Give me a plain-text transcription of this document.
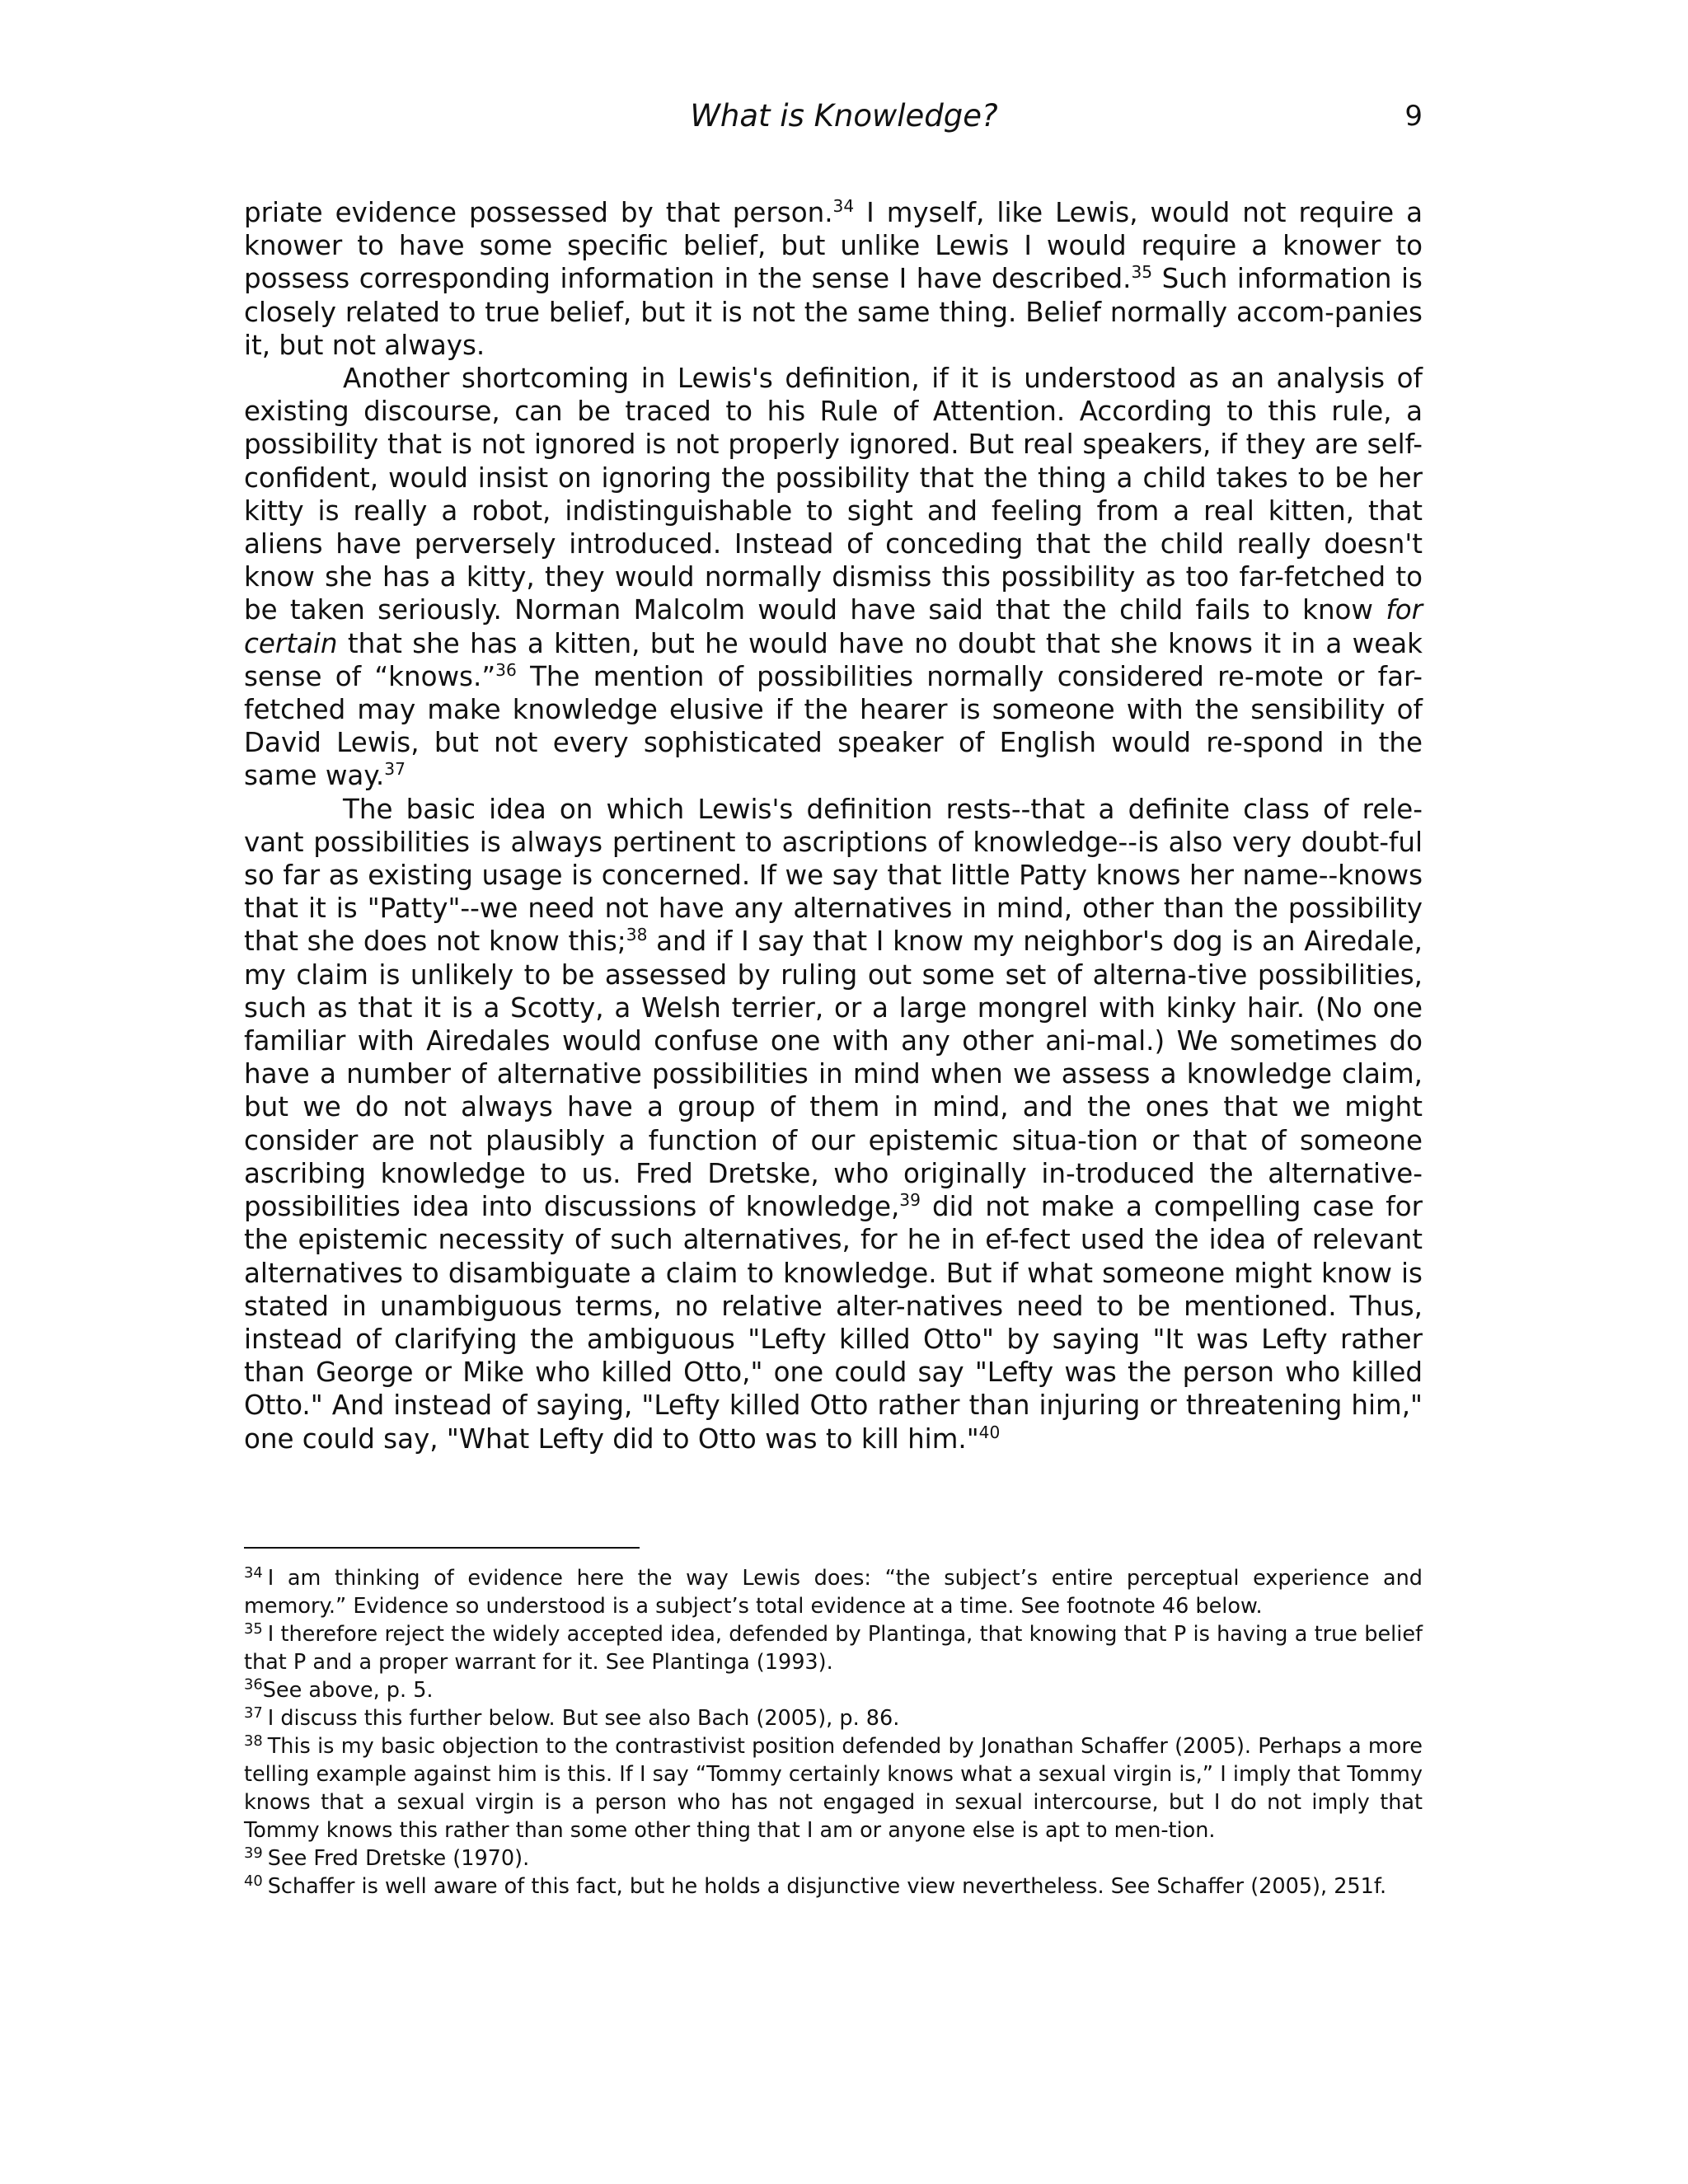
What is Knowledge?	9

priate evidence possessed by that person.$^{34}$ I myself, like Lewis, would not require a knower to have some specific belief, but unlike Lewis I would require a knower to possess corresponding information in the sense I have described.$^{35}$ Such information is closely related to true belief, but it is not the same thing. Belief normally accom-panies it, but not always.

Another shortcoming in Lewis's definition, if it is understood as an analysis of existing discourse, can be traced to his Rule of Attention. According to this rule, a possibility that is not ignored is not properly ignored. But real speakers, if they are self-confident, would insist on ignoring the possibility that the thing a child takes to be her kitty is really a robot, indistinguishable to sight and feeling from a real kitten, that aliens have perversely introduced. Instead of conceding that the child really doesn't know she has a kitty, they would normally dismiss this possibility as too far-fetched to be taken seriously. Norman Malcolm would have said that the child fails to know for certain that she has a kitten, but he would have no doubt that she knows it in a weak sense of “knows.”$^{36}$ The mention of possibilities normally considered re-mote or far-fetched may make knowledge elusive if the hearer is someone with the sensibility of David Lewis, but not every sophisticated speaker of English would re-spond in the same way.$^{37}$

The basic idea on which Lewis's definition rests--that a definite class of rele-vant possibilities is always pertinent to ascriptions of knowledge--is also very doubt-ful so far as existing usage is concerned. If we say that little Patty knows her name--knows that it is "Patty"--we need not have any alternatives in mind, other than the possibility that she does not know this;$^{38}$ and if I say that I know my neighbor's dog is an Airedale, my claim is unlikely to be assessed by ruling out some set of alterna-tive possibilities, such as that it is a Scotty, a Welsh terrier, or a large mongrel with kinky hair. (No one familiar with Airedales would confuse one with any other ani-mal.) We sometimes do have a number of alternative possibilities in mind when we assess a knowledge claim, but we do not always have a group of them in mind, and the ones that we might consider are not plausibly a function of our epistemic situa-tion or that of someone ascribing knowledge to us. Fred Dretske, who originally in-troduced the alternative-possibilities idea into discussions of knowledge,$^{39}$ did not make a compelling case for the epistemic necessity of such alternatives, for he in ef-fect used the idea of relevant alternatives to disambiguate a claim to knowledge. But if what someone might know is stated in unambiguous terms, no relative alter-natives need to be mentioned. Thus, instead of clarifying the ambiguous "Lefty killed Otto" by saying "It was Lefty rather than George or Mike who killed Otto," one could say "Lefty was the person who killed Otto." And instead of saying, "Lefty killed Otto rather than injuring or threatening him," one could say, "What Lefty did to Otto was to kill him."$^{40}$

$^{34}$ I am thinking of evidence here the way Lewis does: “the subject’s entire perceptual experience and memory.” Evidence so understood is a subject’s total evidence at a time. See footnote 46 below.

$^{35}$ I therefore reject the widely accepted idea, defended by Plantinga, that knowing that P is having a true belief that P and a proper warrant for it. See Plantinga (1993).

$^{36}$See above, p. 5.

$^{37}$ I discuss this further below. But see also Bach (2005), p. 86.

$^{38}$ This is my basic objection to the contrastivist position defended by Jonathan Schaffer (2005). Perhaps a more telling example against him is this. If I say “Tommy certainly knows what a sexual virgin is,” I imply that Tommy knows that a sexual virgin is a person who has not engaged in sexual intercourse, but I do not imply that Tommy knows this rather than some other thing that I am or anyone else is apt to men-tion.

$^{39}$ See Fred Dretske (1970).

$^{40}$ Schaffer is well aware of this fact, but he holds a disjunctive view nevertheless. See Schaffer (2005), 251f.
